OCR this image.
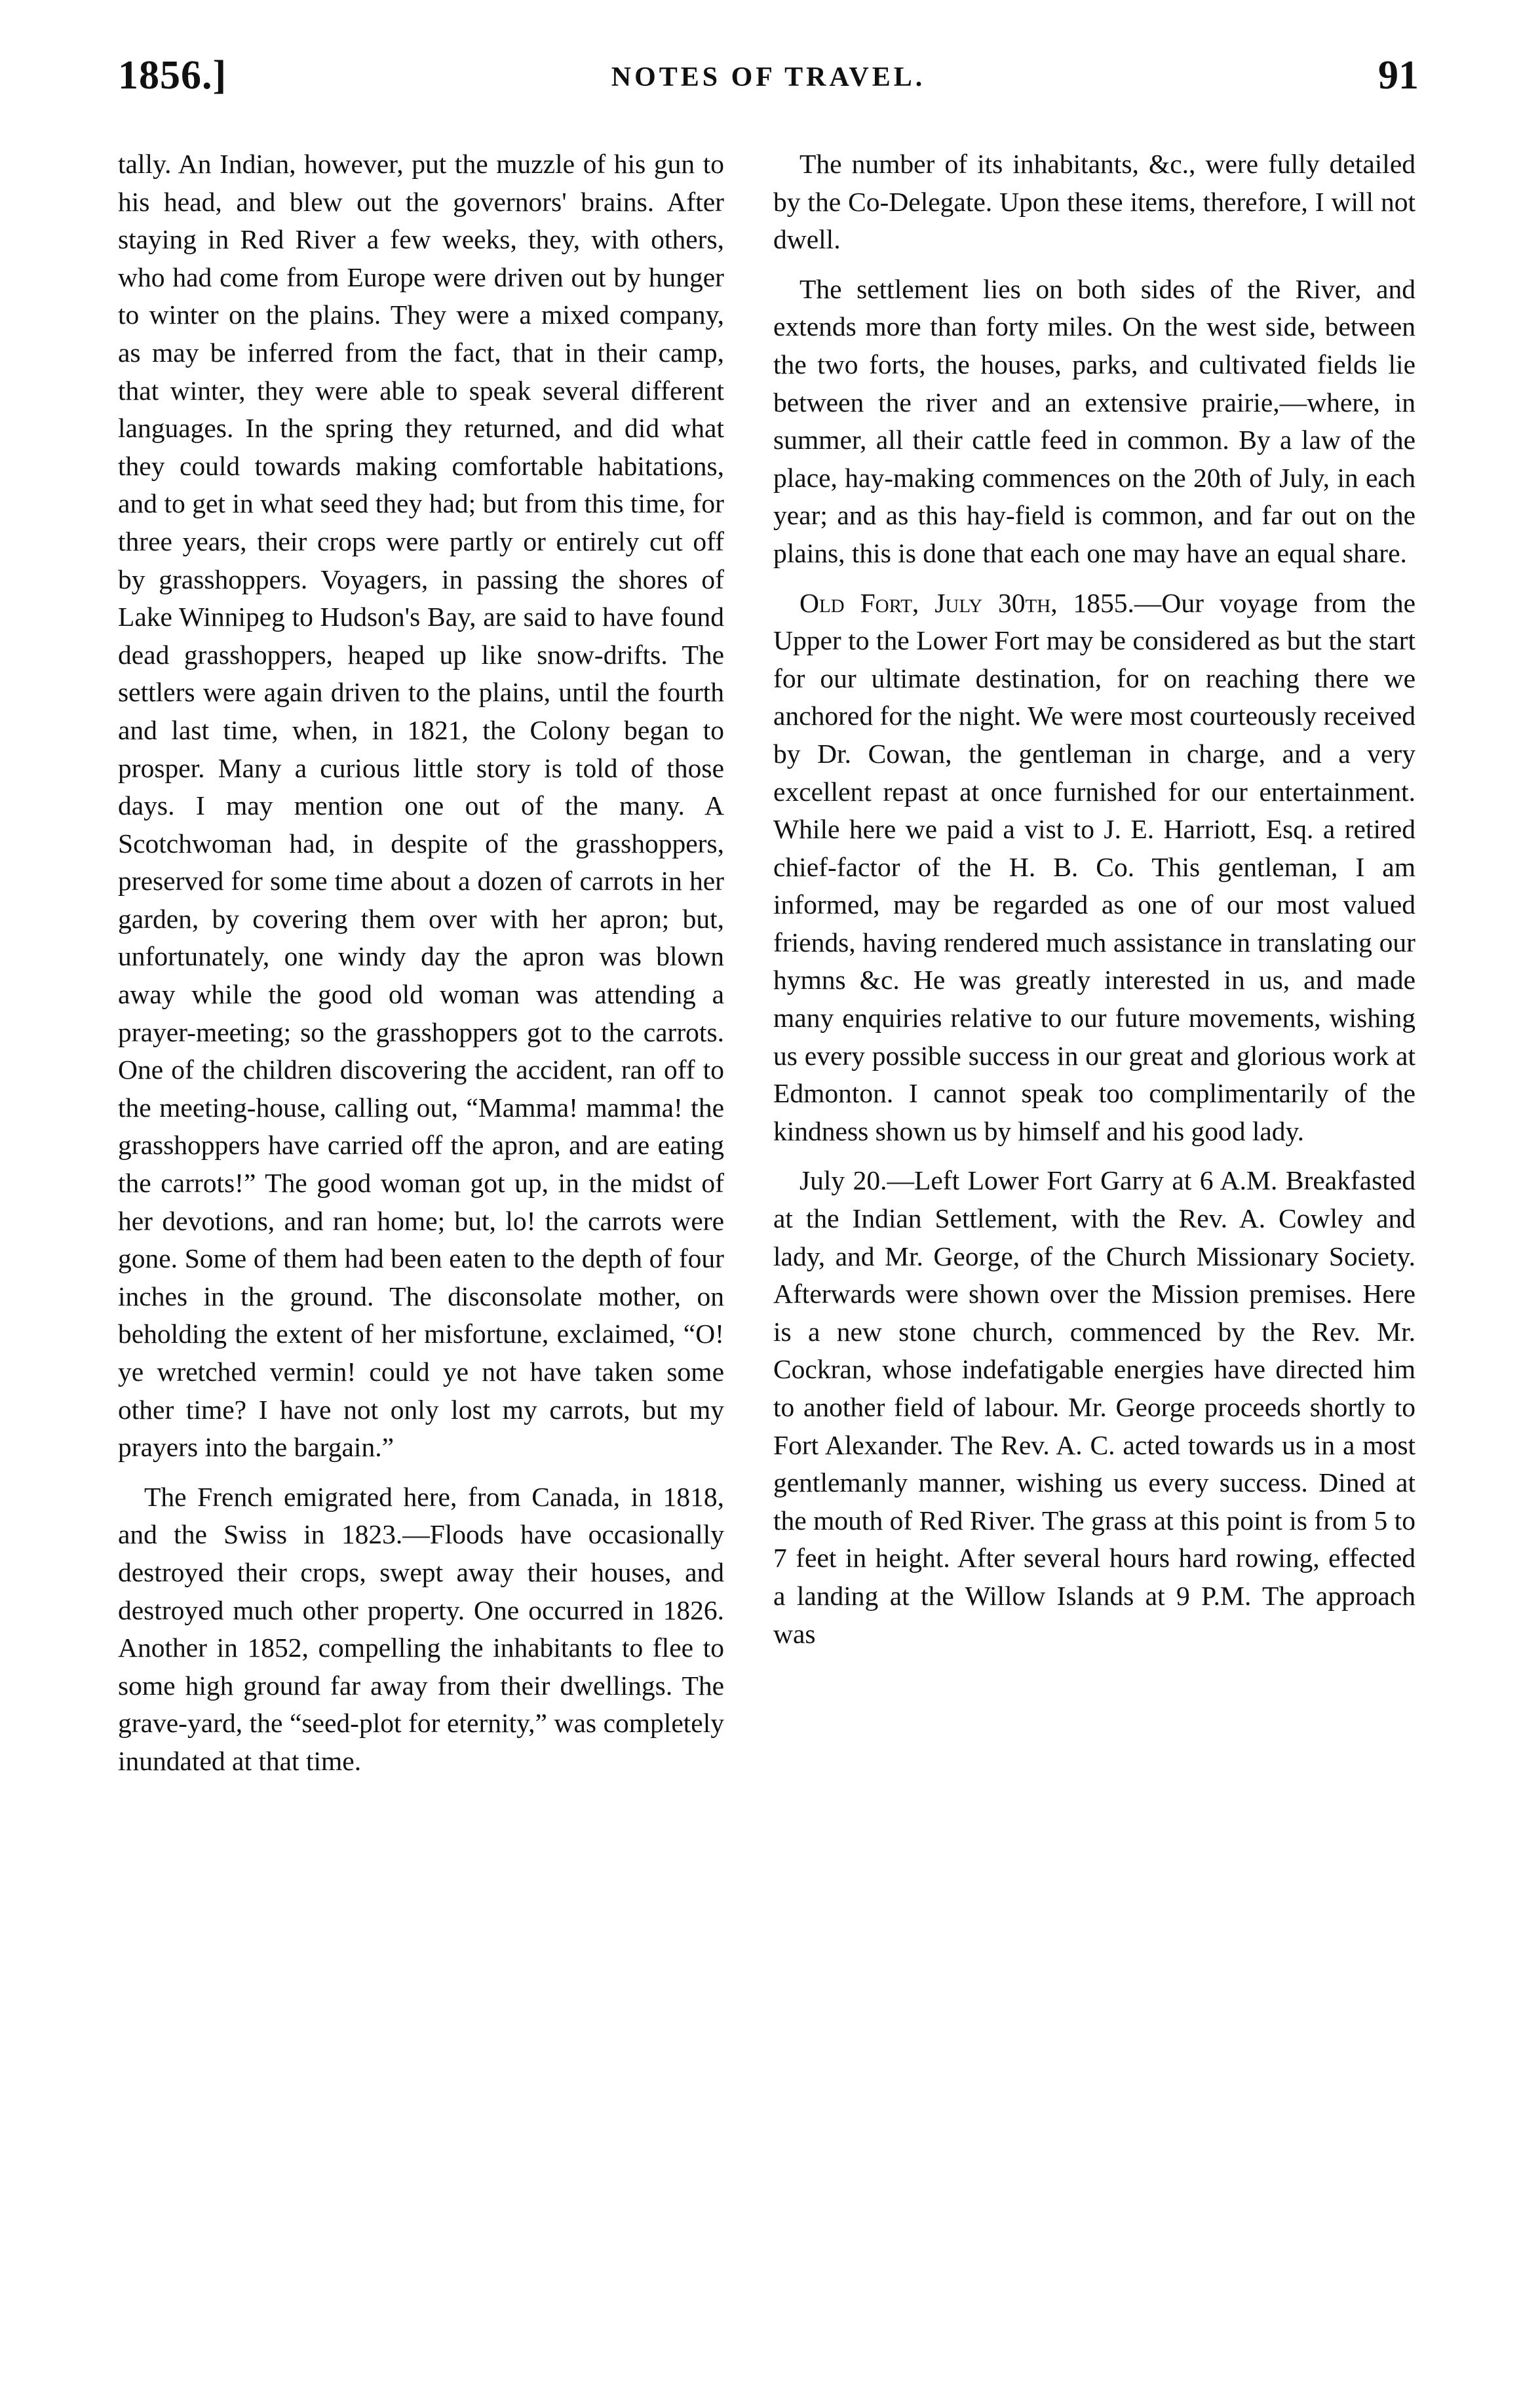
1856.]	NOTES OF TRAVEL.	91

tally. An Indian, however, put the muzzle of his gun to his head, and blew out the governors' brains. After staying in Red River a few weeks, they, with others, who had come from Europe were driven out by hunger to winter on the plains. They were a mixed company, as may be inferred from the fact, that in their camp, that winter, they were able to speak several different languages. In the spring they returned, and did what they could towards making comfortable habitations, and to get in what seed they had; but from this time, for three years, their crops were partly or entirely cut off by grasshoppers. Voyagers, in passing the shores of Lake Winnipeg to Hudson's Bay, are said to have found dead grasshoppers, heaped up like snow-drifts. The settlers were again driven to the plains, until the fourth and last time, when, in 1821, the Colony began to prosper. Many a curious little story is told of those days. I may mention one out of the many. A Scotchwoman had, in despite of the grasshoppers, preserved for some time about a dozen of carrots in her garden, by covering them over with her apron; but, unfortunately, one windy day the apron was blown away while the good old woman was attending a prayer-meeting; so the grasshoppers got to the carrots. One of the children discovering the accident, ran off to the meeting-house, calling out, “Mamma! mamma! the grasshoppers have carried off the apron, and are eating the carrots!” The good woman got up, in the midst of her devotions, and ran home; but, lo! the carrots were gone. Some of them had been eaten to the depth of four inches in the ground. The disconsolate mother, on beholding the extent of her misfortune, exclaimed, “O! ye wretched vermin! could ye not have taken some other time? I have not only lost my carrots, but my prayers into the bargain.”

The French emigrated here, from Canada, in 1818, and the Swiss in 1823.—Floods have occasionally destroyed their crops, swept away their houses, and destroyed much other property. One occurred in 1826. Another in 1852, compelling the inhabitants to flee to some high ground far away from their dwellings. The grave-yard, the “seed-plot for eternity,” was completely inundated at that time.

The number of its inhabitants, &c., were fully detailed by the Co-Delegate. Upon these items, therefore, I will not dwell.

The settlement lies on both sides of the River, and extends more than forty miles. On the west side, between the two forts, the houses, parks, and cultivated fields lie between the river and an extensive prairie,—where, in summer, all their cattle feed in common. By a law of the place, hay-making commences on the 20th of July, in each year; and as this hay-field is common, and far out on the plains, this is done that each one may have an equal share.

Old Fort, July 30th, 1855.—Our voyage from the Upper to the Lower Fort may be considered as but the start for our ultimate destination, for on reaching there we anchored for the night. We were most courteously received by Dr. Cowan, the gentleman in charge, and a very excellent repast at once furnished for our entertainment. While here we paid a vist to J. E. Harriott, Esq. a retired chief-factor of the H. B. Co. This gentleman, I am informed, may be regarded as one of our most valued friends, having rendered much assistance in translating our hymns &c. He was greatly interested in us, and made many enquiries relative to our future movements, wishing us every possible success in our great and glorious work at Edmonton. I cannot speak too complimentarily of the kindness shown us by himself and his good lady.

July 20.—Left Lower Fort Garry at 6 A.M. Breakfasted at the Indian Settlement, with the Rev. A. Cowley and lady, and Mr. George, of the Church Missionary Society. Afterwards were shown over the Mission premises. Here is a new stone church, commenced by the Rev. Mr. Cockran, whose indefatigable energies have directed him to another field of labour. Mr. George proceeds shortly to Fort Alexander. The Rev. A. C. acted towards us in a most gentlemanly manner, wishing us every success. Dined at the mouth of Red River. The grass at this point is from 5 to 7 feet in height. After several hours hard rowing, effected a landing at the Willow Islands at 9 P.M. The approach was
